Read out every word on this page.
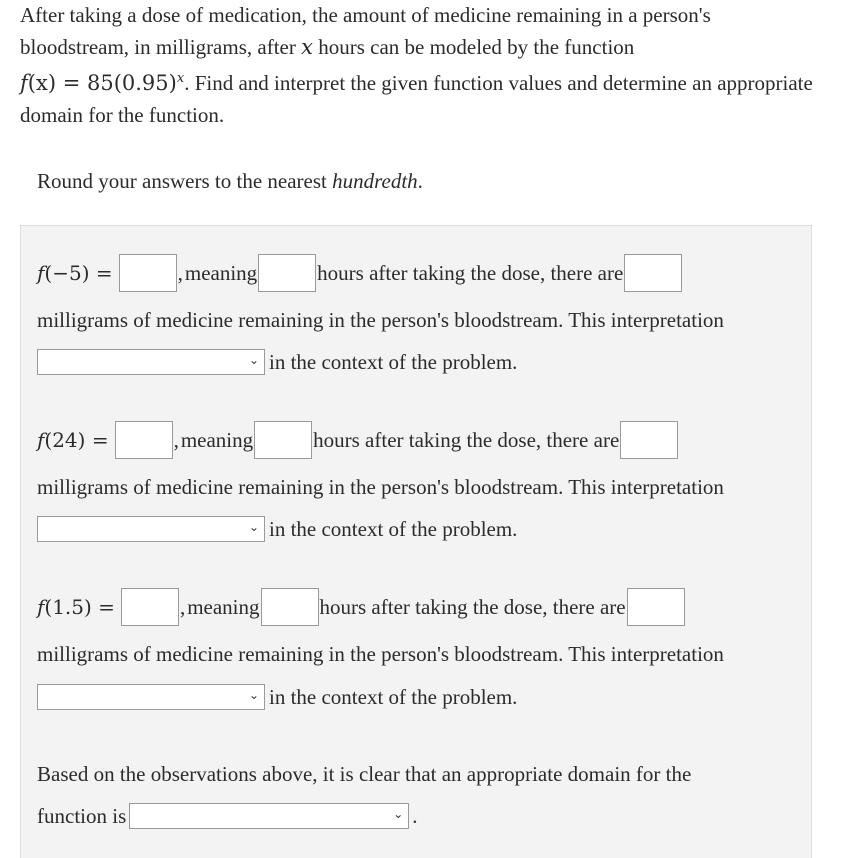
After taking a dose of medication, the amount of medicine remaining in a person's bloodstream, in milligrams, after x hours can be modeled by the function
$f(x) = 85(0.95)^x$. Find and interpret the given function values and determine an appropriate domain for the function.
Round your answers to the nearest hundredth.
f(−5) =	, meaning	hours after taking the dose, there are
milligrams of medicine remaining in the person's bloodstream. This interpretation
⌄ in the context of the problem.
f(24) =	, meaning	hours after taking the dose, there are
milligrams of medicine remaining in the person's bloodstream. This interpretation
⌄ in the context of the problem.
f(1.5) =	, meaning	hours after taking the dose, there are
milligrams of medicine remaining in the person's bloodstream. This interpretation
⌄ in the context of the problem.
Based on the observations above, it is clear that an appropriate domain for the
function is	⌄ .
